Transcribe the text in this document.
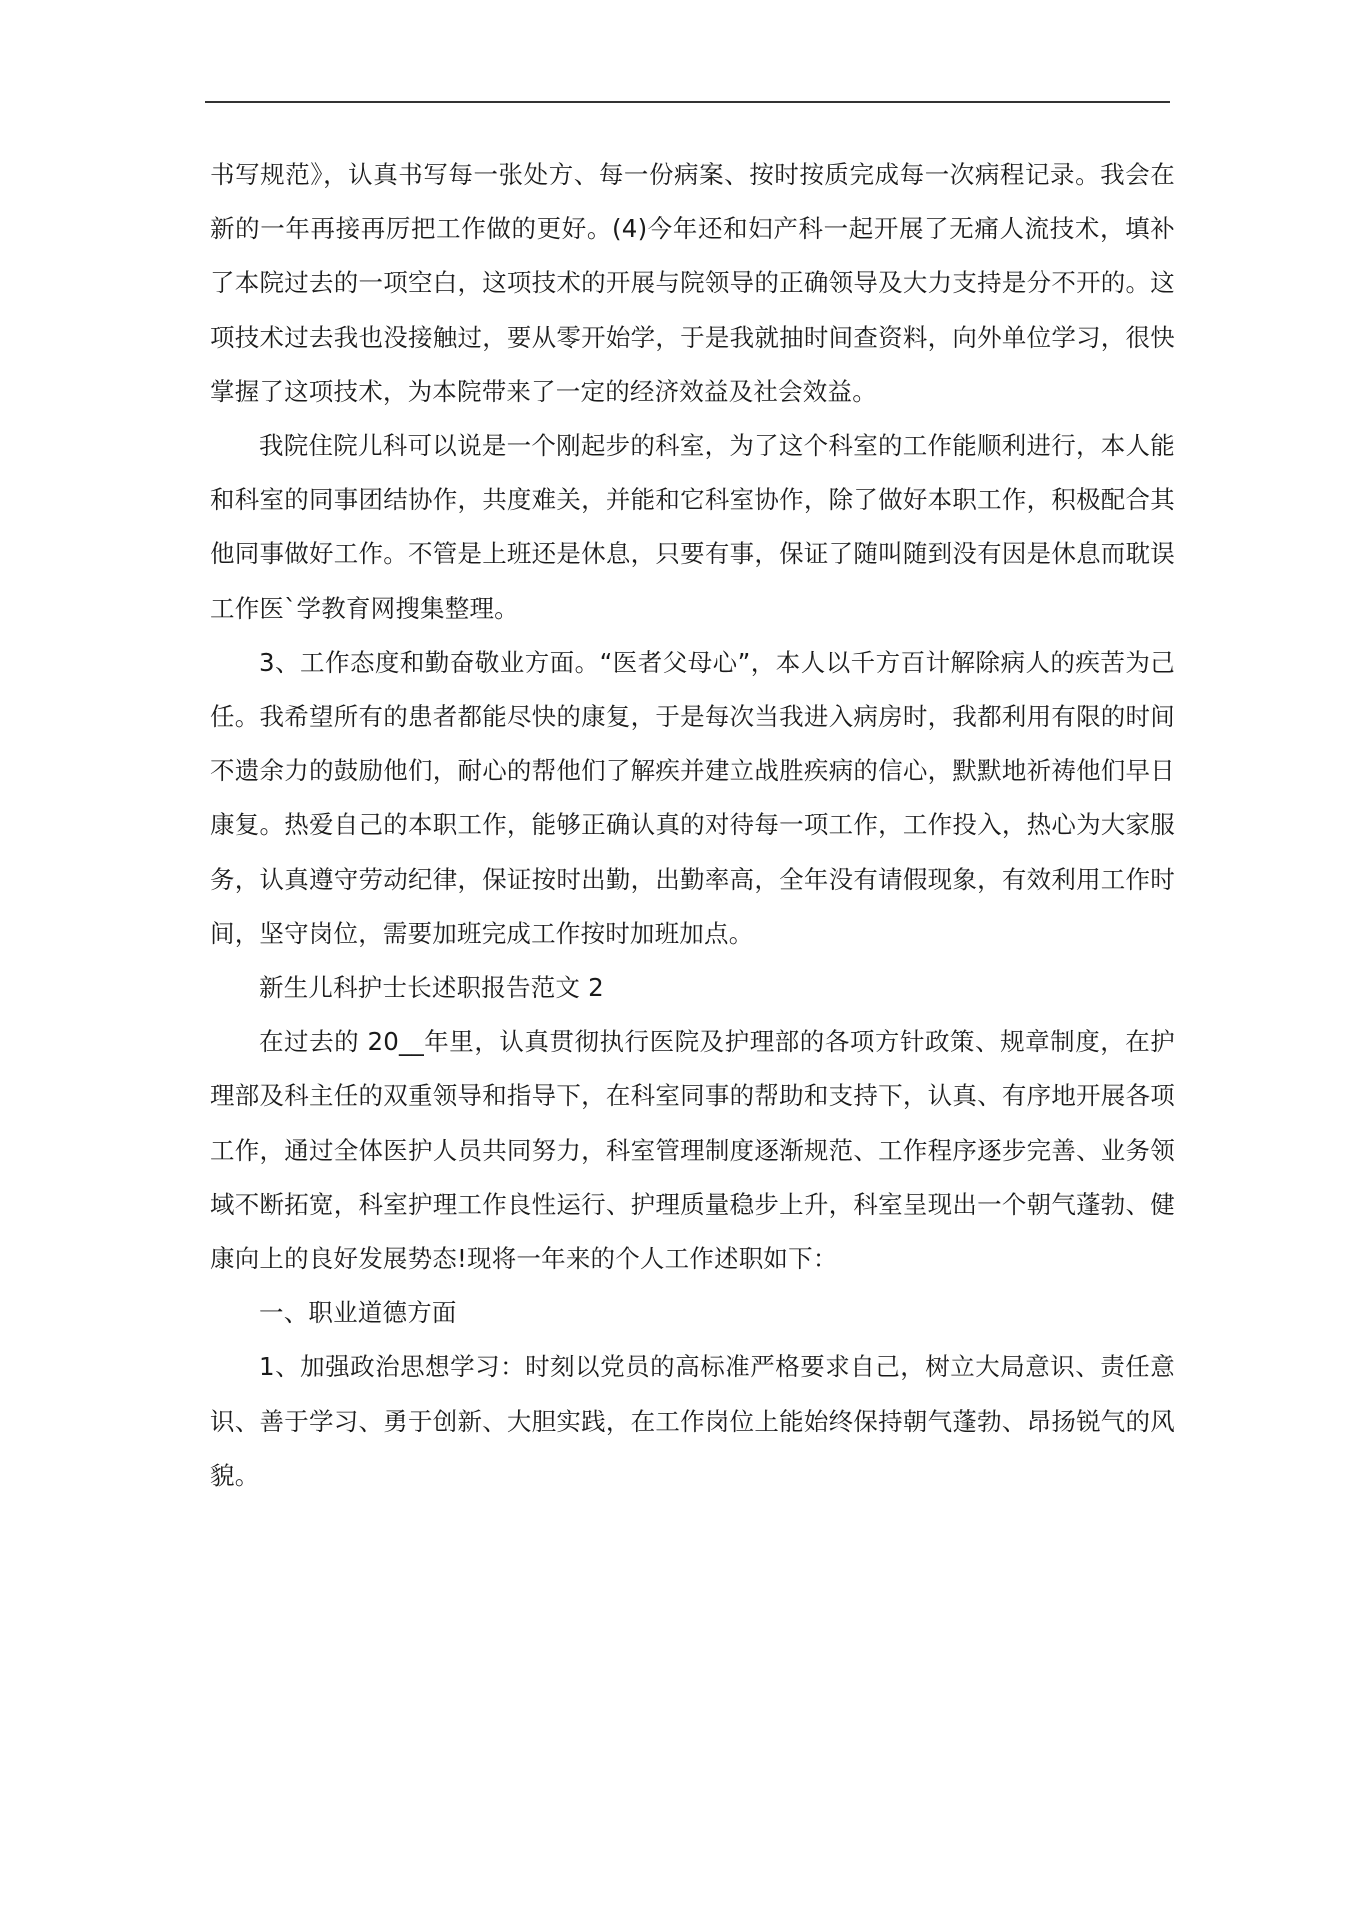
书写规范》，认真书写每一张处方、每一份病案、按时按质完成每一次病程记录。我会在新的一年再接再厉把工作做的更好。(4)今年还和妇产科一起开展了无痛人流技术，填补了本院过去的一项空白，这项技术的开展与院领导的正确领导及大力支持是分不开的。这项技术过去我也没接触过，要从零开始学，于是我就抽时间查资料，向外单位学习，很快掌握了这项技术，为本院带来了一定的经济效益及社会效益。

我院住院儿科可以说是一个刚起步的科室，为了这个科室的工作能顺利进行，本人能和科室的同事团结协作，共度难关，并能和它科室协作，除了做好本职工作，积极配合其他同事做好工作。不管是上班还是休息，只要有事，保证了随叫随到没有因是休息而耽误工作医`学教育网搜集整理。

3、工作态度和勤奋敬业方面。“医者父母心”，本人以千方百计解除病人的疾苦为己任。我希望所有的患者都能尽快的康复，于是每次当我进入病房时，我都利用有限的时间不遗余力的鼓励他们，耐心的帮他们了解疾并建立战胜疾病的信心，默默地祈祷他们早日康复。热爱自己的本职工作，能够正确认真的对待每一项工作，工作投入，热心为大家服务，认真遵守劳动纪律，保证按时出勤，出勤率高，全年没有请假现象，有效利用工作时间，坚守岗位，需要加班完成工作按时加班加点。

新生儿科护士长述职报告范文 2

在过去的 20__年里，认真贯彻执行医院及护理部的各项方针政策、规章制度，在护理部及科主任的双重领导和指导下，在科室同事的帮助和支持下，认真、有序地开展各项工作，通过全体医护人员共同努力，科室管理制度逐渐规范、工作程序逐步完善、业务领域不断拓宽，科室护理工作良性运行、护理质量稳步上升，科室呈现出一个朝气蓬勃、健康向上的良好发展势态!现将一年来的个人工作述职如下：

一、职业道德方面

1、加强政治思想学习：时刻以党员的高标准严格要求自己，树立大局意识、责任意识、善于学习、勇于创新、大胆实践，在工作岗位上能始终保持朝气蓬勃、昂扬锐气的风貌。
